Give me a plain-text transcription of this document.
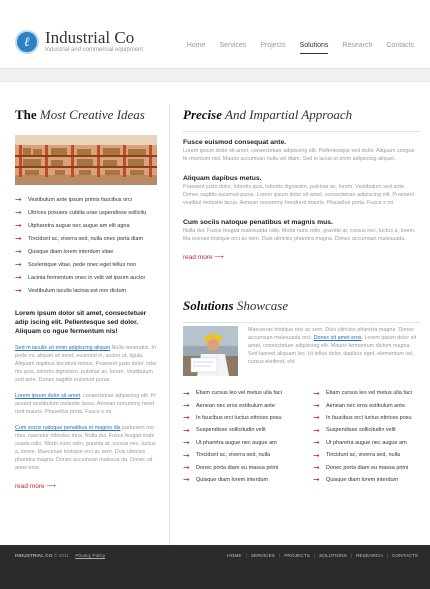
ℓ Industrial Co
Industrial and commercial equipment
Home Services Projects Solutions Research Contacts
The Most Creative Ideas
➞ Vestibulum ante ipsum primis faucibus orci
➞ Ultrices posuere cubilia urae uspendisse sollicitu
➞ Utpharetra augue nec augue am elit agna
➞ Tincidunt ac, viverra sed, nulla onec porta diam
➞ Quisque diam lorem interdum vitae
➞ Scelerisque vitae, pede onec eget tellus non
➞ Lacinia fermentum onec in velit vel ipsum auctor
➞ Vestibulum iaculis lacinia est non dictum

Lorem ipsum dolor sit amet, consectetuer adip iscing elit. Pellentesque sed dolor. Aliquam co ngue fermentum nis!

Sed m iaculis sit enim adipiscing aliquet Nulla venenatis. In pede mi, aliquet sit amet, euismod in, auctor ut, ligula. Aliquam dapibus tincidunt metus. Praesent justo dolor, lobo rtis quis, lobortis dignissim, pulvinar ac, lorem. Vestibulum sed ante. Donec sagittis euismod purus.

Lorem ipsum dolor sit amet, consectetuer adipiscing elit. Pr aesent vestibulum molestie lacus. Aenean nonummy hend rerit mauris. Phasellus porta. Fusce s mi.

Cum sociis natoque penatibus et magnis dis parturient mo ntes, nascetur ridiculus mus. Nulla dui. Fusce feugiat male suada odio. Morbi nunc odio, gravida at, cursus nec, luctus a, lorem. Maecenas tristique orci ac sem. Duis ultricies pharetra magna. Donec accumsan malesua da. Donec sit amet eros.

read more ⟶
Precise And Impartial Approach

Fusce euismod consequat ante.

Lorem ipsum dolor sit amet, consectetuer adipiscing elit. Pellentesque sed dolor. Aliquam congue fe rmentum nisl. Mauris accumsan nulla vel diam. Sed in lacus ut enim adipiscing aliquet.

Aliquam dapibus metus.

Praesent justo dolor, lobortis quis, lobortis dignissim, pulvinar ac, lorem. Vestibulum sed ante. Donec sagittis euismod purus. Lorem ipsum dolor sit amet, consectetuer adipiscing elit. Praesent vestibul molestie lacus. Aenean nonummy hendrerit mauris. Phasellus porta. Fusce s mi.

Cum sociis natoque penatibus et magnis mus.

Nulla dui. Fusce feugiat malesuada odio. Morbi nunc odio, gravida at, cursus nec, luctus a, lorem. Ma ecenas tristique orci ac sem. Duis ultricies pharetra magna. Donec accumsan malesuada.

read more ⟶
Solutions Showcase

Maecenas tristique orci ac sem. Duis ultricies pharetra magna. Donec accumsan malesuada orci. Donec sit amet eros. Lorem ipsum dolor sit amet, consectetuer adipiscing elit. Mauris fermentum dictum magna. Sed laoreet aliquam leo. Ut tellus dolor, dapibus eget, elementum vel, cursus eleifend, elit.

➞ Etiam cursus leo vel metus ulla faci
➞ Aenean nec eros estibulum ante
➞ In faucibus orci luctus ettrices posu
➞ Suspendisse sollicitudin velit
➞ Ut pharetra augue nec augue am
➞ Tincidunt ac, viverra sed, nulla
➞ Donec porta diam eu massa primi
➞ Quisque diam lorem interdum
➞ Etiam cursus leo vel metus ulla faci
➞ Aenean nec eros estibulum ante
➞ In faucibus orci luctus ettrices posu
➞ Suspendisse sollicitudin velit
➞ Ut pharetra augue nec augue am
➞ Tincidunt ac, viverra sed, nulla
➞ Donec porta diam eu massa primi
➞ Quisque diam lorem interdum
INDUSTRIAL CO © 2011 Privacy Policy	HOME | SERVICES | PROJECTS | SOLUTIONS | RESEARCH | CONTACTS
